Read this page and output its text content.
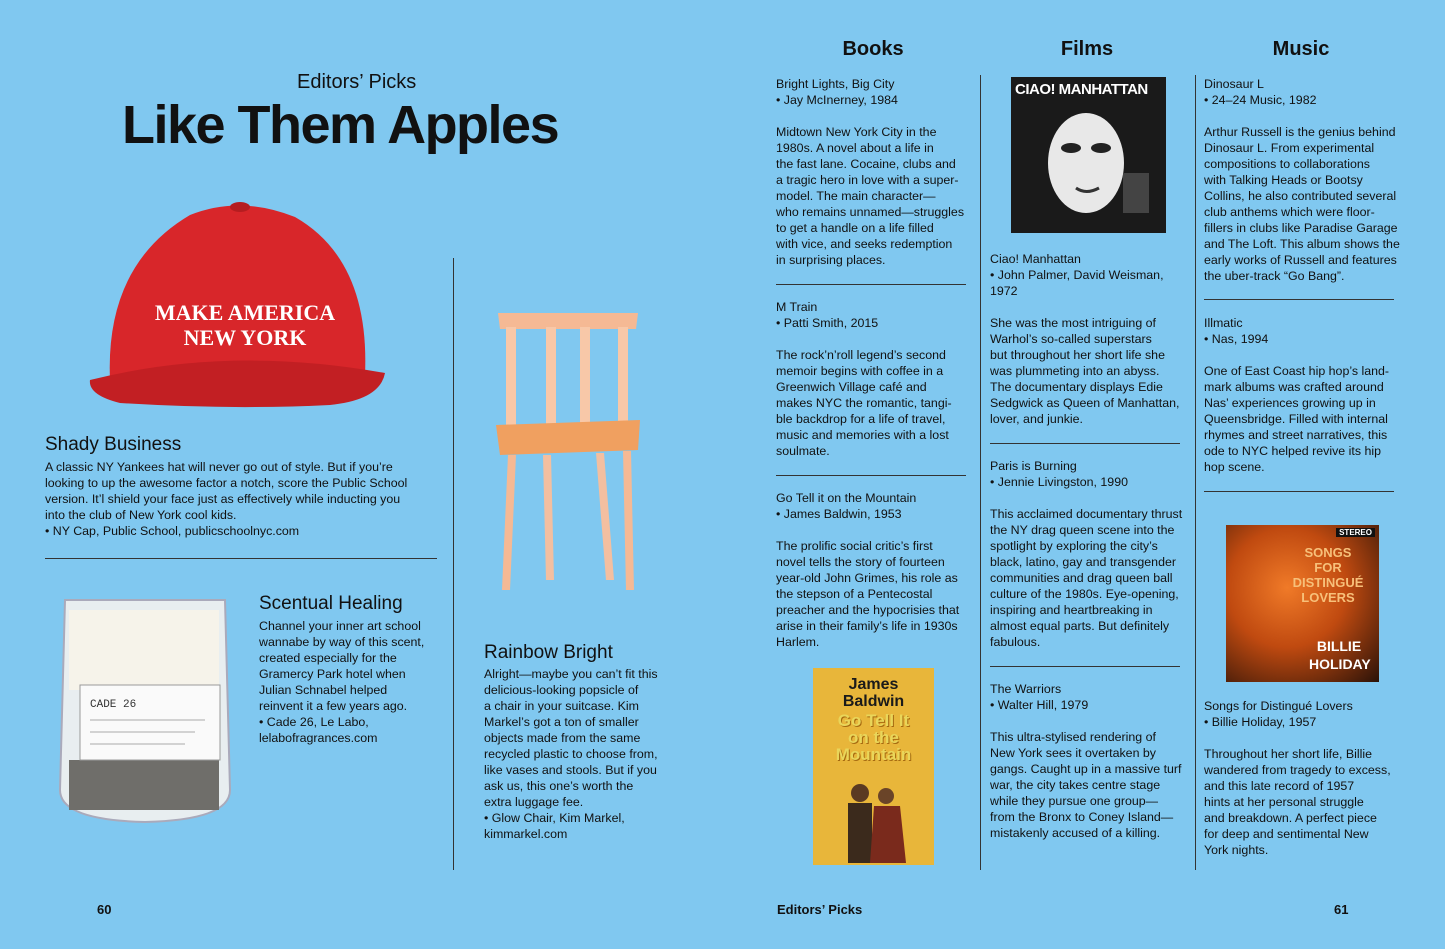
Editors’ Picks
Like Them Apples
MAKE AMERICA
NEW YORK
Shady Business
A classic NY Yankees hat will never go out of style. But if you’re
looking to up the awesome factor a notch, score the Public School
version. It’l shield your face just as effectively while inducting you
into the club of New York cool kids.
• NY Cap, Public School, publicschoolnyc.com
CADE 26
Scentual Healing
Channel your inner art school
wannabe by way of this scent,
created especially for the
Gramercy Park hotel when
Julian Schnabel helped
reinvent it a few years ago.
• Cade 26, Le Labo,
lelabofragrances.com
Rainbow Bright
Alright—maybe you can’t fit this
delicious-looking popsicle of
a chair in your suitcase. Kim
Markel’s got a ton of smaller
objects made from the same
recycled plastic to choose from,
like vases and stools. But if you
ask us, this one’s worth the
extra luggage fee.
• Glow Chair, Kim Markel,
kimmarkel.com
60
Books	Films	Music
Bright Lights, Big City
• Jay McInerney, 1984
Midtown New York City in the
1980s. A novel about a life in
the fast lane. Cocaine, clubs and
a tragic hero in love with a super-
model. The main character—
who remains unnamed—struggles
to get a handle on a life filled
with vice, and seeks redemption
in surprising places.
M Train
• Patti Smith, 2015
The rock’n’roll legend’s second
memoir begins with coffee in a
Greenwich Village café and
makes NYC the romantic, tangi-
ble backdrop for a life of travel,
music and memories with a lost
soulmate.
Go Tell it on the Mountain
• James Baldwin, 1953
The prolific social critic’s first
novel tells the story of fourteen
year-old John Grimes, his role as
the stepson of a Pentecostal
preacher and the hypocrisies that
arise in their family’s life in 1930s
Harlem.
James
Baldwin
Go Tell It
on the
Mountain
CIAO! MANHATTAN
Ciao! Manhattan
• John Palmer, David Weisman,
1972
She was the most intriguing of
Warhol’s so-called superstars
but throughout her short life she
was plummeting into an abyss.
The documentary displays Edie
Sedgwick as Queen of Manhattan,
lover, and junkie.
Paris is Burning
• Jennie Livingston, 1990
This acclaimed documentary thrust
the NY drag queen scene into the
spotlight by exploring the city’s
black, latino, gay and transgender
communities and drag queen ball
culture of the 1980s. Eye-opening,
inspiring and heartbreaking in
almost equal parts. But definitely
fabulous.
The Warriors
• Walter Hill, 1979
This ultra-stylised rendering of
New York sees it overtaken by
gangs. Caught up in a massive turf
war, the city takes centre stage
while they pursue one group—
from the Bronx to Coney Island—
mistakenly accused of a killing.
Dinosaur L
• 24–24 Music, 1982
Arthur Russell is the genius behind
Dinosaur L. From experimental
compositions to collaborations
with Talking Heads or Bootsy
Collins, he also contributed several
club anthems which were floor-
fillers in clubs like Paradise Garage
and The Loft. This album shows the
early works of Russell and features
the uber-track “Go Bang”.
Illmatic
• Nas, 1994
One of East Coast hip hop’s land-
mark albums was crafted around
Nas’ experiences growing up in
Queensbridge. Filled with internal
rhymes and street narratives, this
ode to NYC helped revive its hip
hop scene.
STEREO
SONGS
FOR
DISTINGUÉ
LOVERS
BILLIE
HOLIDAY
Songs for Distingué Lovers
• Billie Holiday, 1957
Throughout her short life, Billie
wandered from tragedy to excess,
and this late record of 1957
hints at her personal struggle
and breakdown. A perfect piece
for deep and sentimental New
York nights.
Editors’ Picks	61
